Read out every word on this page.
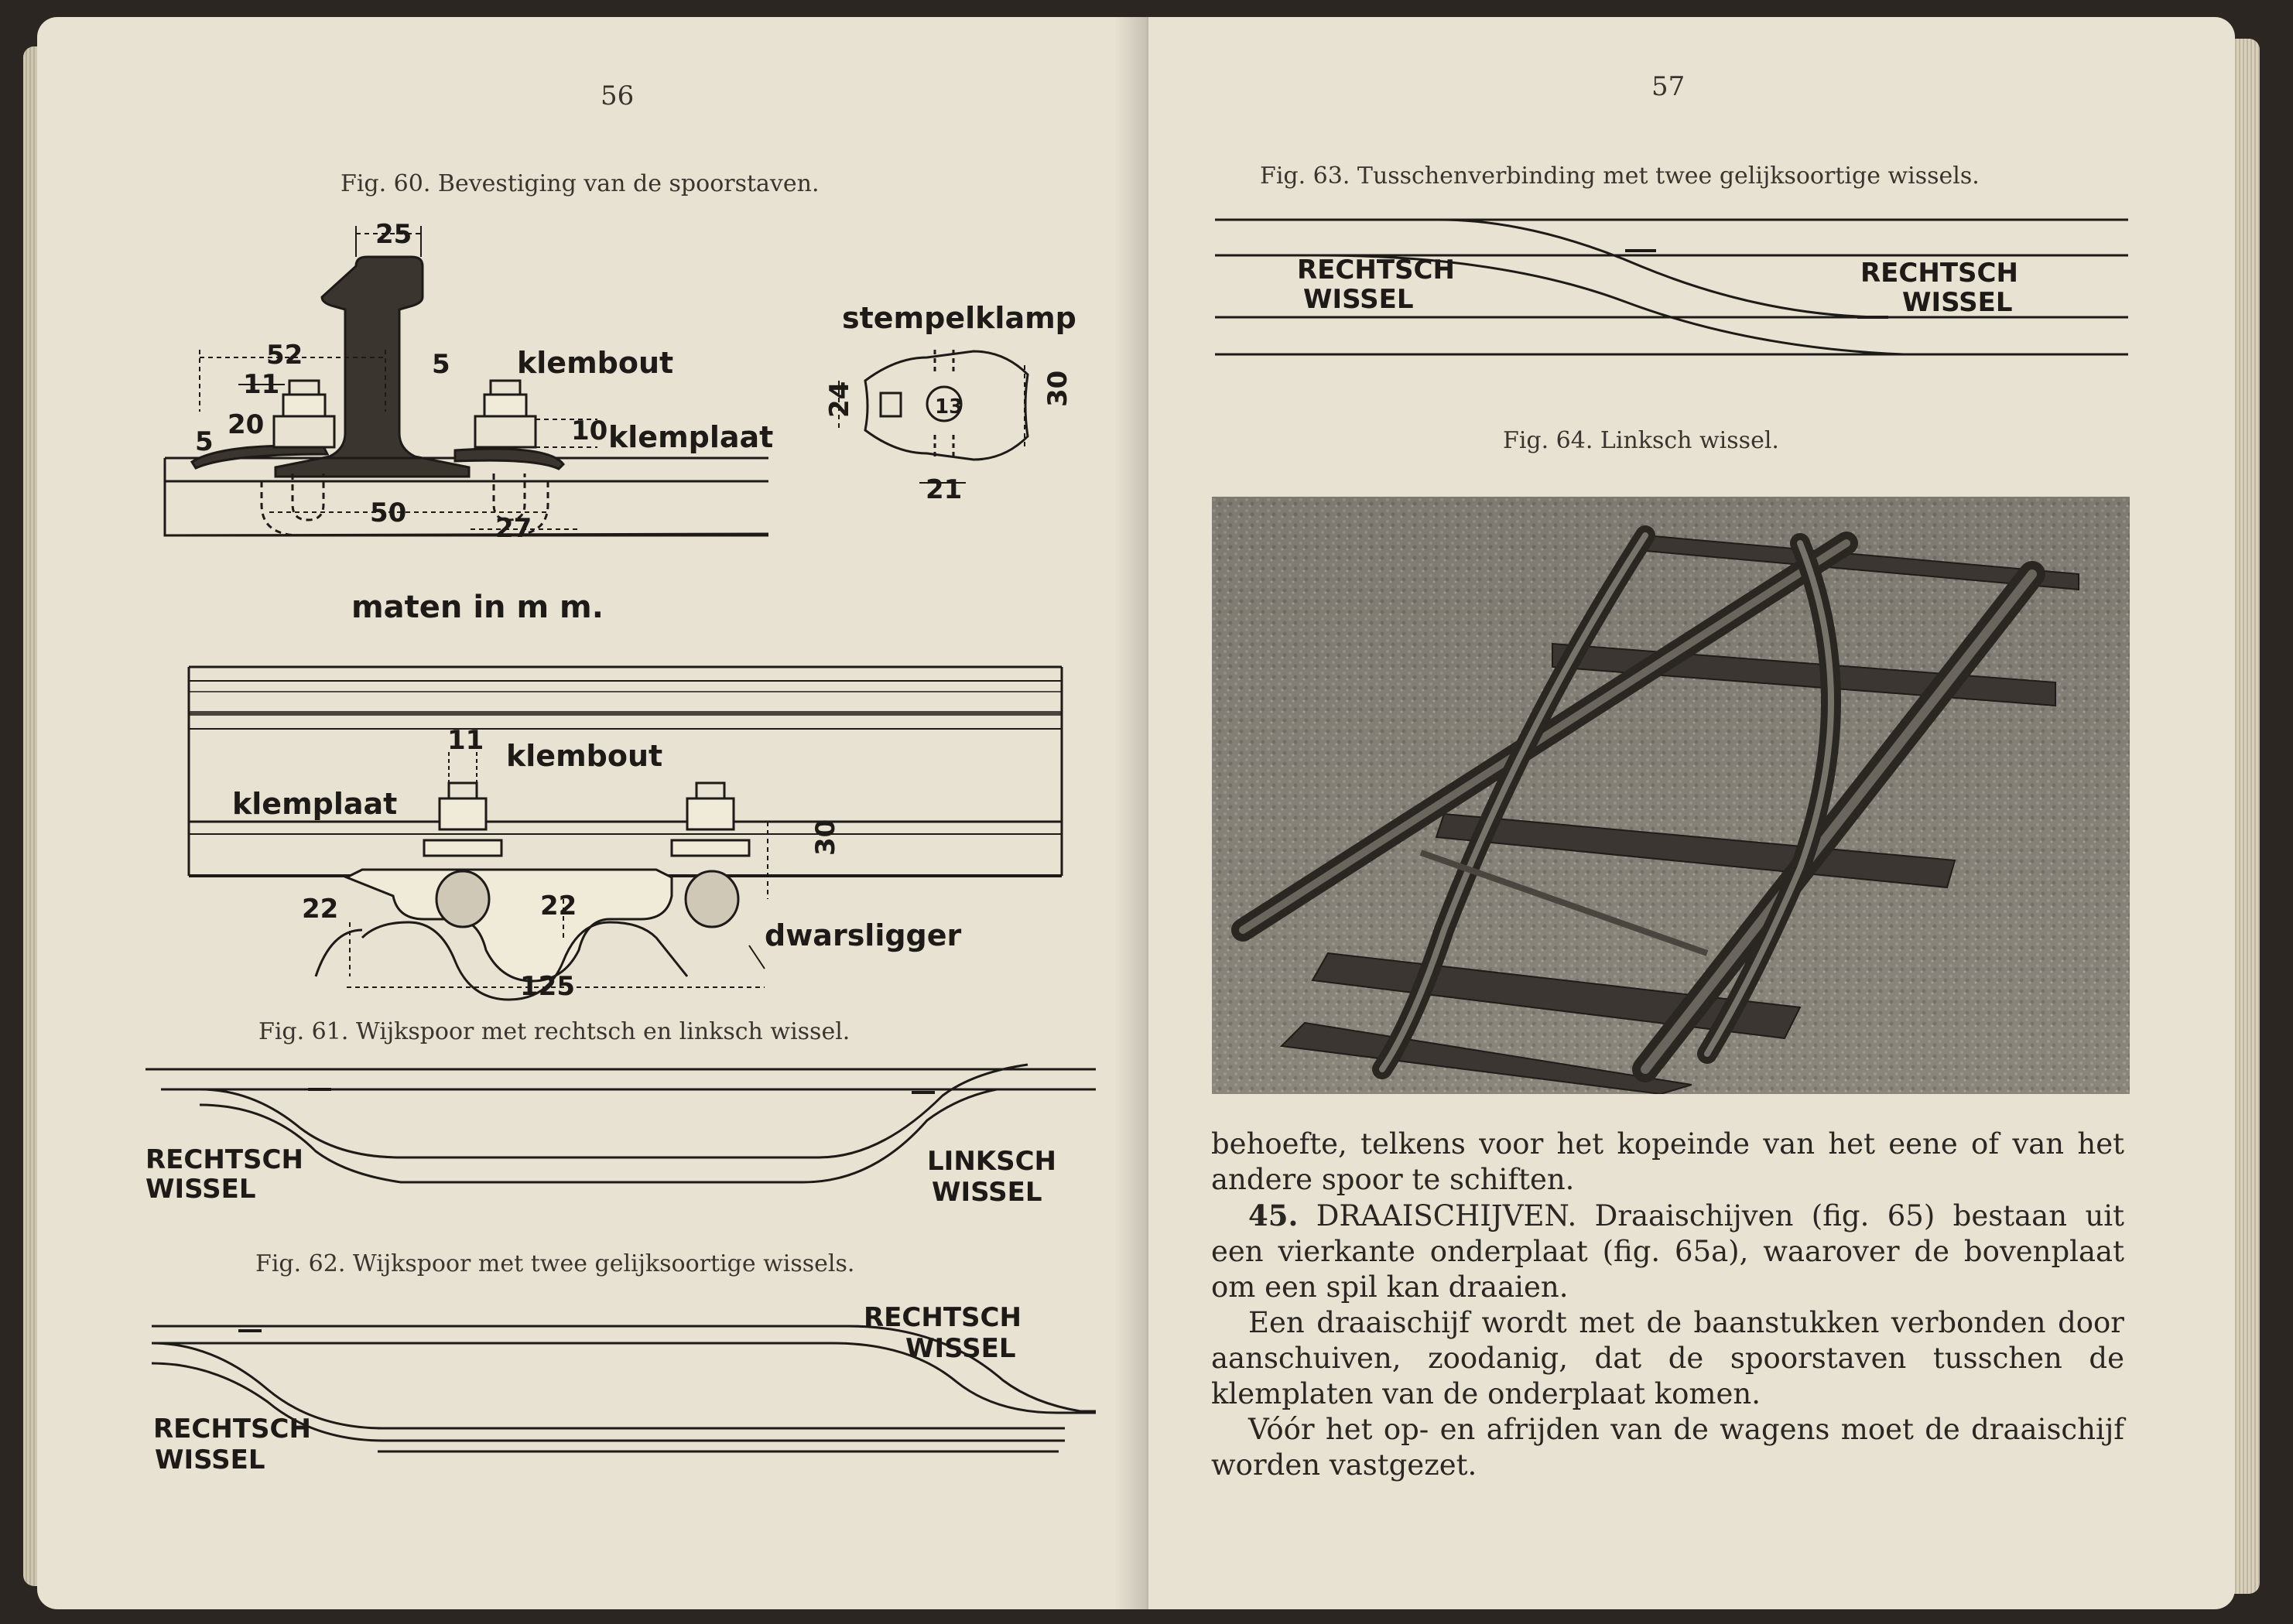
56
Fig. 60. Bevestiging van de spoorstaven.
25
52	5
11
20
5	10
50	27
klembout
klemplaat
maten in m m.
stempelklamp
13
21
24	30
11 klembout
klemplaat
30
22	22
dwarsligger
125
Fig. 61. Wijkspoor met rechtsch en linksch wissel.
RECHTSCH
WISSEL
LINKSCH
WISSEL
Fig. 62. Wijkspoor met twee gelijksoortige wissels.
RECHTSCH
WISSEL
RECHTSCH
WISSEL
57
Fig. 63. Tusschenverbinding met twee gelijksoortige wissels.
RECHTSCH
WISSEL
RECHTSCH
WISSEL
Fig. 64. Linksch wissel.

behoefte, telkens voor het kopeinde van het eene of van het andere spoor te schiften.

45. DRAAISCHIJVEN. Draaischijven (fig. 65) bestaan uit een vierkante onderplaat (fig. 65a), waarover de bovenplaat om een spil kan draaien.

Een draaischijf wordt met de baanstukken verbonden door aanschuiven, zoodanig, dat de spoorstaven tusschen de klemplaten van de onderplaat komen.

Vóór het op- en afrijden van de wagens moet de draaischijf worden vastgezet.
